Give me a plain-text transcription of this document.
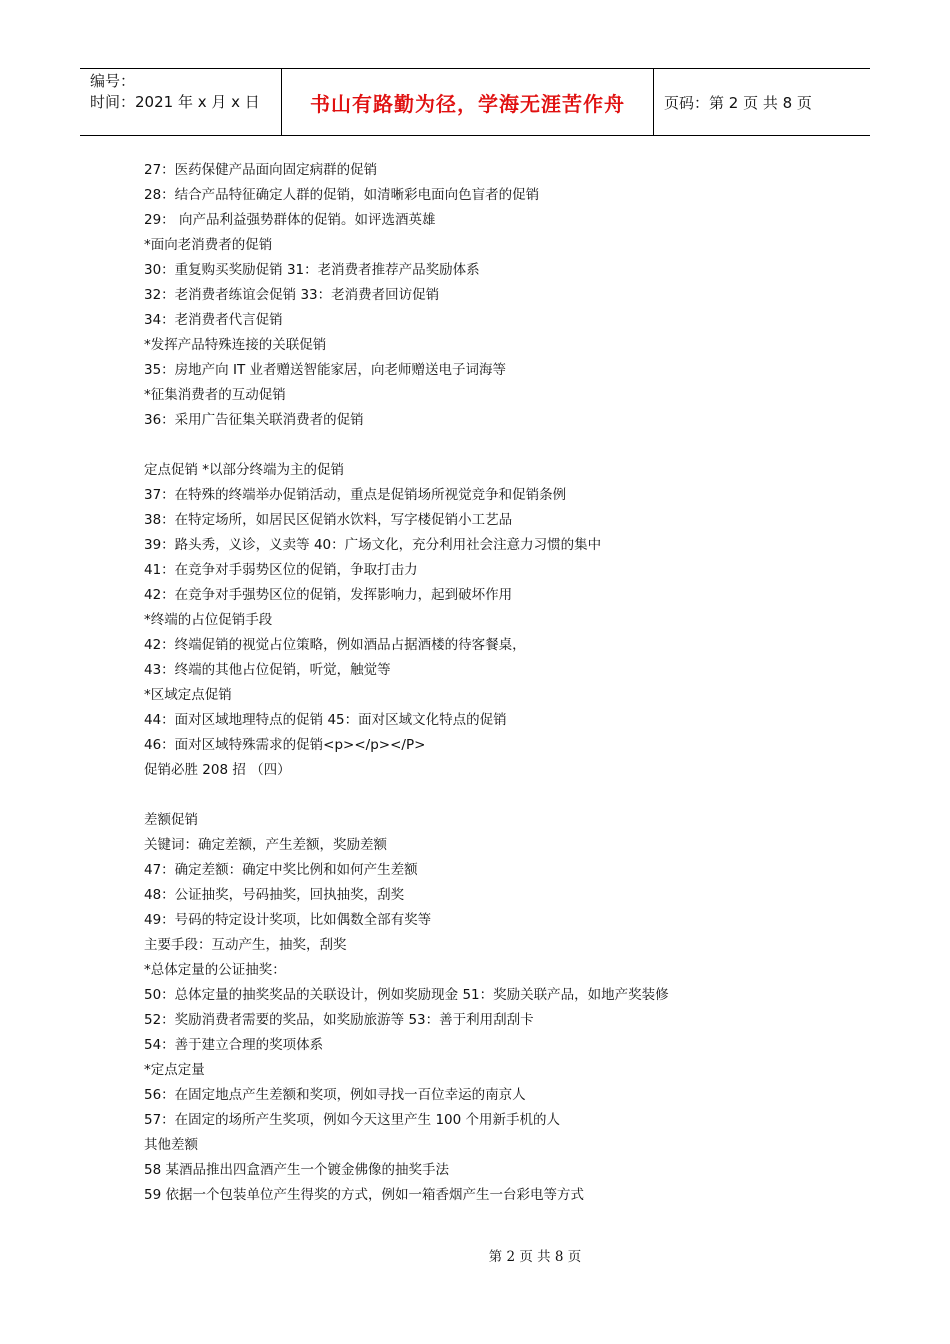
编号：
时间：2021 年 x 月 x 日	书山有路勤为径，学海无涯苦作舟	页码：第 2 页 共 8 页
27：医药保健产品面向固定病群的促销
28：结合产品特征确定人群的促销，如清晰彩电面向色盲者的促销
29： 向产品利益强势群体的促销。如评选酒英雄
*面向老消费者的促销
30：重复购买奖励促销 31：老消费者推荐产品奖励体系
32：老消费者练谊会促销 33：老消费者回访促销
34：老消费者代言促销
*发挥产品特殊连接的关联促销
35：房地产向 IT 业者赠送智能家居，向老师赠送电子词海等
*征集消费者的互动促销
36：采用广告征集关联消费者的促销
定点促销 *以部分终端为主的促销
37：在特殊的终端举办促销活动，重点是促销场所视觉竞争和促销条例
38：在特定场所，如居民区促销水饮料，写字楼促销小工艺品
39：路头秀，义诊，义卖等 40：广场文化，充分利用社会注意力习惯的集中
41：在竞争对手弱势区位的促销，争取打击力
42：在竞争对手强势区位的促销，发挥影响力，起到破坏作用
*终端的占位促销手段
42：终端促销的视觉占位策略，例如酒品占据酒楼的待客餐桌，
43：终端的其他占位促销，听觉，触觉等
*区域定点促销
44：面对区域地理特点的促销 45：面对区域文化特点的促销
46：面对区域特殊需求的促销<p></p></P>
促销必胜 208 招 （四）
差额促销
关键词：确定差额，产生差额，奖励差额
47：确定差额：确定中奖比例和如何产生差额
48：公证抽奖，号码抽奖，回执抽奖，刮奖
49：号码的特定设计奖项，比如偶数全部有奖等
主要手段：互动产生，抽奖，刮奖
*总体定量的公证抽奖：
50：总体定量的抽奖奖品的关联设计，例如奖励现金 51：奖励关联产品，如地产奖装修
52：奖励消费者需要的奖品，如奖励旅游等 53：善于利用刮刮卡
54：善于建立合理的奖项体系
*定点定量
56：在固定地点产生差额和奖项，例如寻找一百位幸运的南京人
57：在固定的场所产生奖项，例如今天这里产生 100 个用新手机的人
其他差额
58 某酒品推出四盒酒产生一个镀金佛像的抽奖手法
59 依据一个包装单位产生得奖的方式，例如一箱香烟产生一台彩电等方式
第 2 页 共 8 页
